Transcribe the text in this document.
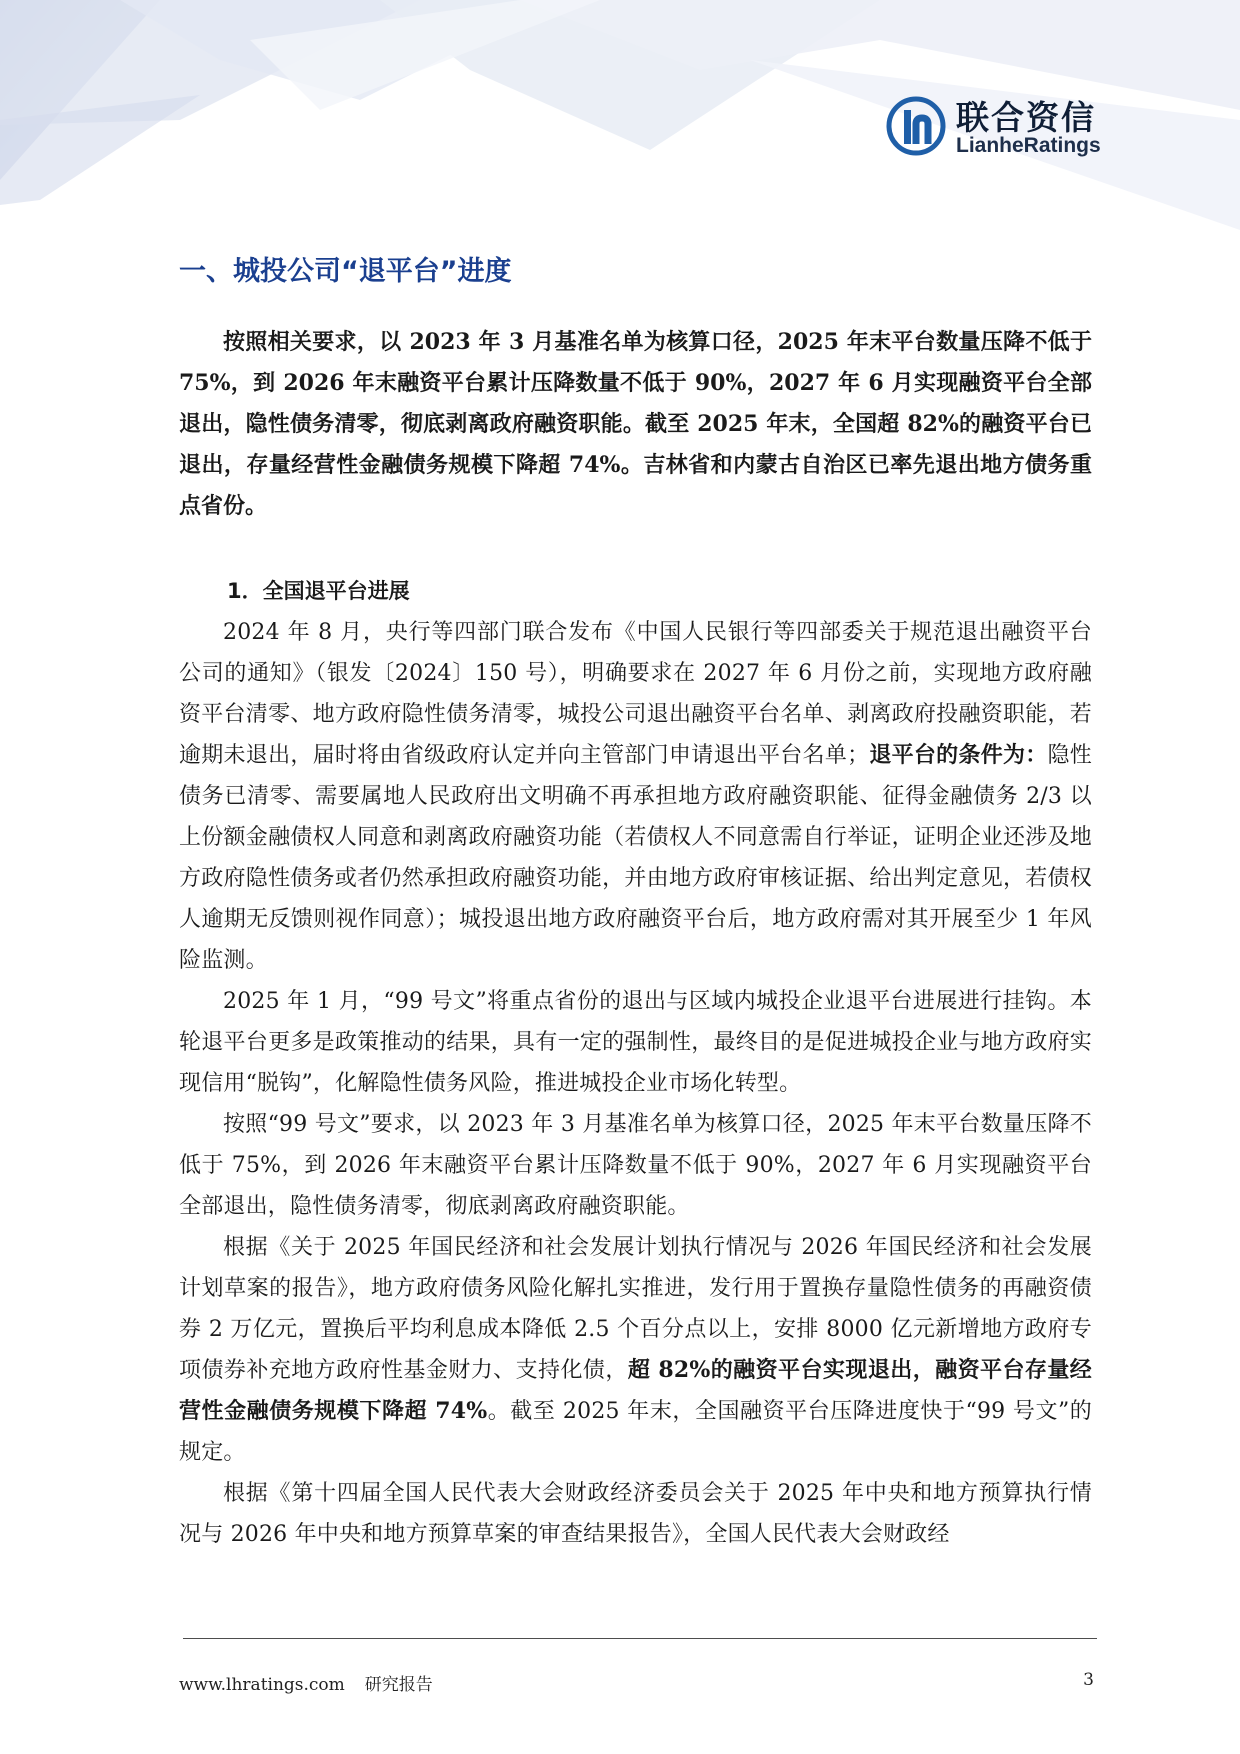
联合资信
LianheRatings
一、城投公司“退平台”进度

按照相关要求，以 2023 年 3 月基准名单为核算口径，2025 年末平台数量压降不低于 75%，到 2026 年末融资平台累计压降数量不低于 90%，2027 年 6 月实现融资平台全部退出，隐性债务清零，彻底剥离政府融资职能。截至 2025 年末，全国超 82%的融资平台已退出，存量经营性金融债务规模下降超 74%。吉林省和内蒙古自治区已率先退出地方债务重点省份。

1．全国退平台进展

2024 年 8 月，央行等四部门联合发布《中国人民银行等四部委关于规范退出融资平台公司的通知》（银发〔2024〕150 号），明确要求在 2027 年 6 月份之前，实现地方政府融资平台清零、地方政府隐性债务清零，城投公司退出融资平台名单、剥离政府投融资职能，若逾期未退出，届时将由省级政府认定并向主管部门申请退出平台名单；退平台的条件为：隐性债务已清零、需要属地人民政府出文明确不再承担地方政府融资职能、征得金融债务 2/3 以上份额金融债权人同意和剥离政府融资功能（若债权人不同意需自行举证，证明企业还涉及地方政府隐性债务或者仍然承担政府融资功能，并由地方政府审核证据、给出判定意见，若债权人逾期无反馈则视作同意）；城投退出地方政府融资平台后，地方政府需对其开展至少 1 年风险监测。

2025 年 1 月，“99 号文”将重点省份的退出与区域内城投企业退平台进展进行挂钩。本轮退平台更多是政策推动的结果，具有一定的强制性，最终目的是促进城投企业与地方政府实现信用“脱钩”，化解隐性债务风险，推进城投企业市场化转型。

按照“99 号文”要求，以 2023 年 3 月基准名单为核算口径，2025 年末平台数量压降不低于 75%，到 2026 年末融资平台累计压降数量不低于 90%，2027 年 6 月实现融资平台全部退出，隐性债务清零，彻底剥离政府融资职能。

根据《关于 2025 年国民经济和社会发展计划执行情况与 2026 年国民经济和社会发展计划草案的报告》，地方政府债务风险化解扎实推进，发行用于置换存量隐性债务的再融资债券 2 万亿元，置换后平均利息成本降低 2.5 个百分点以上，安排 8000 亿元新增地方政府专项债券补充地方政府性基金财力、支持化债，超 82%的融资平台实现退出，融资平台存量经营性金融债务规模下降超 74%。截至 2025 年末，全国融资平台压降进度快于“99 号文”的规定。

根据《第十四届全国人民代表大会财政经济委员会关于 2025 年中央和地方预算执行情况与 2026 年中央和地方预算草案的审查结果报告》，全国人民代表大会财政经

www.lhratings.com 研究报告	3
